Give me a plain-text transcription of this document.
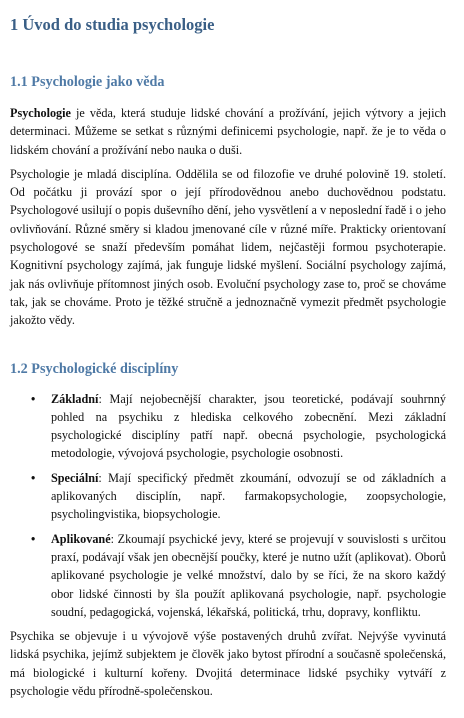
1 Úvod do studia psychologie
1.1 Psychologie jako věda

Psychologie je věda, která studuje lidské chování a prožívání, jejich výtvory a jejich determinaci. Můžeme se setkat s různými definicemi psychologie, např. že je to věda o lidském chování a prožívání nebo nauka o duši.

Psychologie je mladá disciplína. Oddělila se od filozofie ve druhé polovině 19. století. Od počátku ji provází spor o její přírodovědnou anebo duchovědnou podstatu. Psychologové usilují o popis duševního dění, jeho vysvětlení a v neposlední řadě i o jeho ovlivňování. Různé směry si kladou jmenované cíle v různé míře. Prakticky orientovaní psychologové se snaží především pomáhat lidem, nejčastěji formou psychoterapie. Kognitivní psychology zajímá, jak funguje lidské myšlení. Sociální psychology zajímá, jak nás ovlivňuje přítomnost jiných osob. Evoluční psychology zase to, proč se chováme tak, jak se chováme. Proto je těžké stručně a jednoznačně vymezit předmět psychologie jakožto vědy.

1.2 Psychologické disciplíny
• Základní: Mají nejobecnější charakter, jsou teoretické, podávají souhrnný pohled na psychiku z hlediska celkového zobecnění. Mezi základní psychologické disciplíny patří např. obecná psychologie, psychologická metodologie, vývojová psychologie, psychologie osobnosti.
• Speciální: Mají specifický předmět zkoumání, odvozují se od základních a aplikovaných disciplín, např. farmakopsychologie, zoopsychologie, psycholingvistika, biopsychologie.
• Aplikované: Zkoumají psychické jevy, které se projevují v souvislosti s určitou praxí, podávají však jen obecnější poučky, které je nutno užít (aplikovat). Oborů aplikované psychologie je velké množství, dalo by se říci, že na skoro každý obor lidské činnosti by šla použít aplikovaná psychologie, např. psychologie soudní, pedagogická, vojenská, lékařská, politická, trhu, dopravy, konfliktu.

Psychika se objevuje i u vývojově výše postavených druhů zvířat. Nejvýše vyvinutá lidská psychika, jejímž subjektem je člověk jako bytost přírodní a současně společenská, má biologické i kulturní kořeny. Dvojitá determinace lidské psychiky vytváří z psychologie vědu přírodně-společenskou.
